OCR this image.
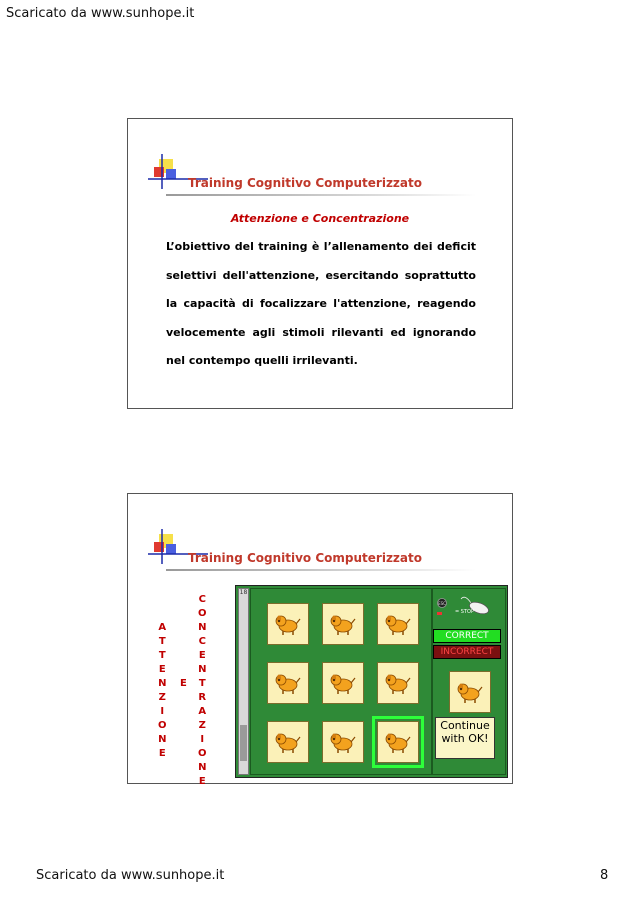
Scaricato da www.sunhope.it
Training Cognitivo Computerizzato
Attenzione e Concentrazione

L’obiettivo del training è l’allenamento dei deficit selettivi dell'attenzione, esercitando soprattutto la capacità di focalizzare l'attenzione, reagendo velocemente agli stimoli rilevanti ed ignorando nel contempo quelli irrilevanti.

Training Cognitivo Computerizzato
A
T
T
E
N
Z
I
O
N
E
E
C
O
N
C
E
N
T
R
A
Z
I
O
N
E
18
ESC
= STOP
CORRECT
INCORRECT
Continue with OK!
Scaricato da www.sunhope.it	8
